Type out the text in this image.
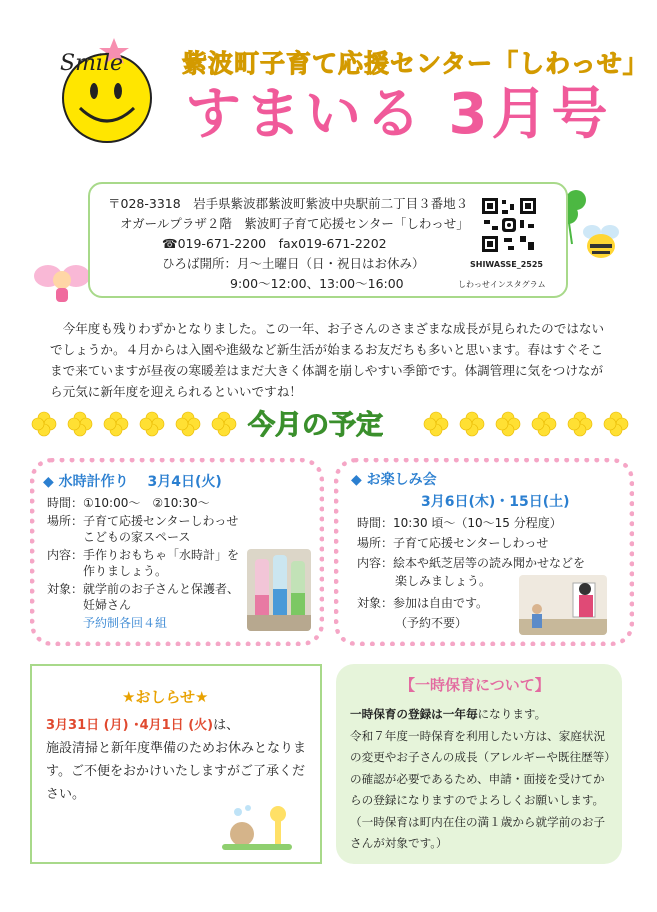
Smile 紫波町子育て応援センター「しわっせ」
すまいる 3月号
〒028-3318　岩手県紫波郡紫波町紫波中央駅前二丁目３番地３
オガールプラザ２階　紫波町子育て応援センター「しわっせ」
☎019-671-2200　fax019-671-2202
ひろば開所：月～土曜日（日・祝日はお休み）
9:00～12:00、13:00～16:00
SHIWASSE_2525
しわっせインスタグラム
今年度も残りわずかとなりました。この一年、お子さんのさまざまな成長が見られたのではないでしょうか。４月からは入園や進級など新生活が始まるお友だちも多いと思います。春はすぐそこまで来ていますが昼夜の寒暖差はまだ大きく体調を崩しやすい季節です。体調管理に気をつけながら元気に新年度を迎えられるといいですね！
今月の予定
◆ 水時計作り　 3月4日(火)
時間：①10:00～　②10:30～
場所：子育て応援センターしわっせ
こどもの家スペース
内容：手作りおもちゃ「水時計」を
作りましょう。
対象：就学前のお子さんと保護者、
妊婦さん
予約制各回４組
◆ お楽しみ会
3月6日(木)・15日(土)
時間：10:30 頃～（10～15 分程度）
場所：子育て応援センターしわっせ
内容：絵本や紙芝居等の読み聞かせなどを
楽しみましょう。
対象：参加は自由です。
（予約不要）
★おしらせ★
3月31日 (月) ･4月1日 (火)は、
施設清掃と新年度準備のためお休みとなります。ご不便をおかけいたしますがご了承ください。
【一時保育について】
一時保育の登録は一年毎になります。
令和７年度一時保育を利用したい方は、家庭状況の変更やお子さんの成長（アレルギーや既往歴等）の確認が必要であるため、申請・面接を受けてからの登録になりますのでよろしくお願いします。（一時保育は町内在住の満１歳から就学前のお子さんが対象です。）
